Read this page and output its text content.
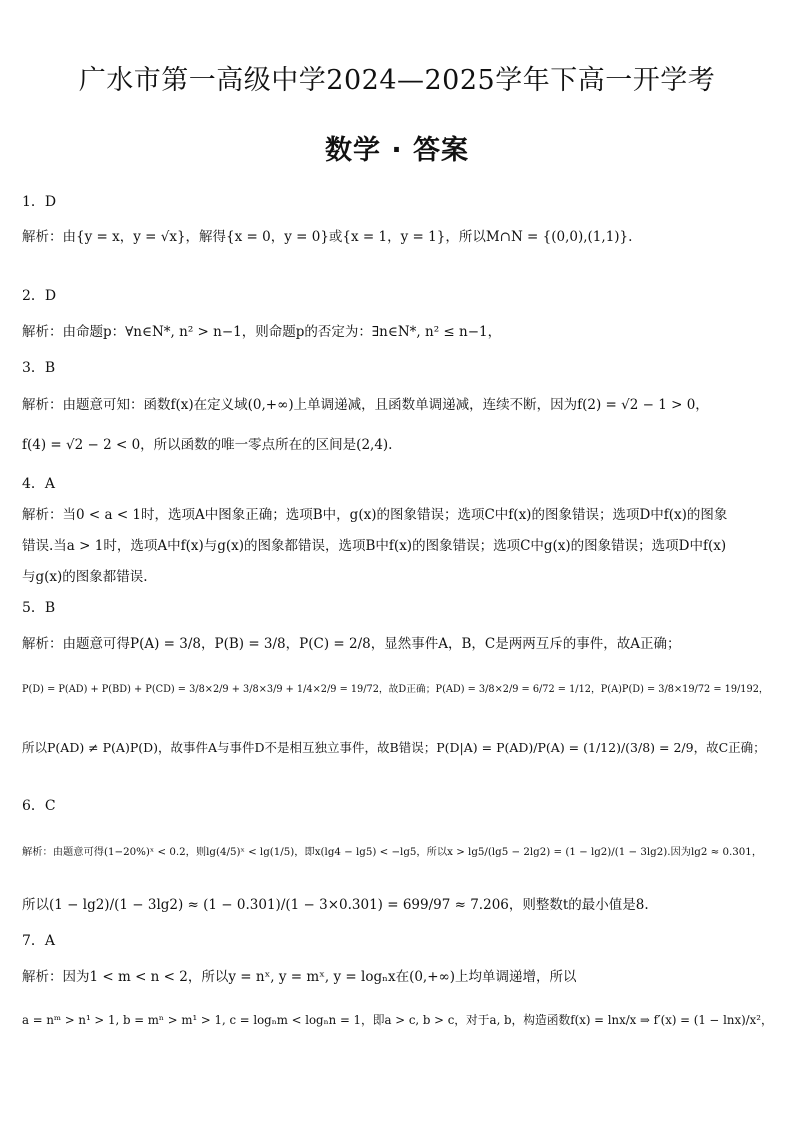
广水市第一高级中学2024—2025学年下高一开学考
数学 · 答案
1．D
解析：由{y = x，y = √x}，解得{x = 0，y = 0}或{x = 1，y = 1}，所以M∩N = {(0,0),(1,1)}.
2．D
解析：由命题p：∀n∈N*, n² > n−1，则命题p的否定为：∃n∈N*, n² ≤ n−1，
3．B
解析：由题意可知：函数f(x)在定义域(0,+∞)上单调递减，且函数单调递减，连续不断，因为f(2) = √2 − 1 > 0，
f(4) = √2 − 2 < 0，所以函数的唯一零点所在的区间是(2,4).
4．A
解析：当0 < a < 1时，选项A中图象正确；选项B中，g(x)的图象错误；选项C中f(x)的图象错误；选项D中f(x)的图象
错误.当a > 1时，选项A中f(x)与g(x)的图象都错误，选项B中f(x)的图象错误；选项C中g(x)的图象错误；选项D中f(x)
与g(x)的图象都错误.
5．B
解析：由题意可得P(A) = 3/8，P(B) = 3/8，P(C) = 2/8，显然事件A，B，C是两两互斥的事件，故A正确；
P(D) = P(AD) + P(BD) + P(CD) = 3/8×2/9 + 3/8×3/9 + 1/4×2/9 = 19/72，故D正确；P(AD) = 3/8×2/9 = 6/72 = 1/12，P(A)P(D) = 3/8×19/72 = 19/192，
所以P(AD) ≠ P(A)P(D)，故事件A与事件D不是相互独立事件，故B错误；P(D|A) = P(AD)/P(A) = (1/12)/(3/8) = 2/9，故C正确；
6．C
解析：由题意可得(1−20%)ˣ < 0.2，则lg(4/5)ˣ < lg(1/5)，即x(lg4 − lg5) < −lg5，所以x > lg5/(lg5 − 2lg2) = (1 − lg2)/(1 − 3lg2).因为lg2 ≈ 0.301，
所以(1 − lg2)/(1 − 3lg2) ≈ (1 − 0.301)/(1 − 3×0.301) = 699/97 ≈ 7.206，则整数t的最小值是8.
7．A
解析：因为1 < m < n < 2，所以y = nˣ, y = mˣ, y = logₙx在(0,+∞)上均单调递增，所以
a = nᵐ > n¹ > 1, b = mⁿ > m¹ > 1, c = logₙm < logₙn = 1，即a > c, b > c，对于a, b，构造函数f(x) = lnx/x ⇒ f′(x) = (1 − lnx)/x²，
